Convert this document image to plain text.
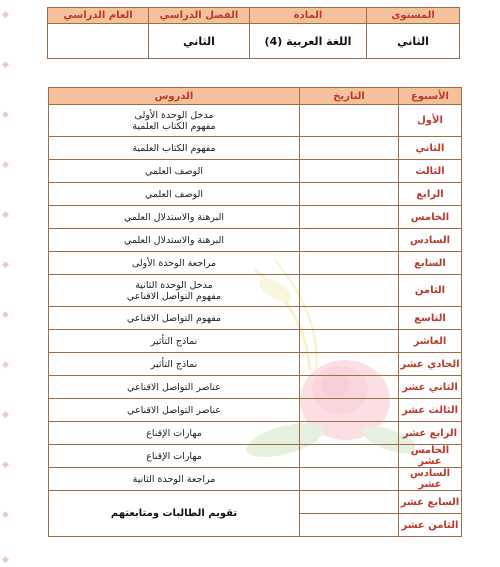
◆
◆
◆
◆
◆
◆
◆
◆
◆
◆
◆
◆
المستوى	المادة	الفصل الدراسي	العام الدراسي
الثاني	اللغة العربية (4)	الثاني	
الأسبوع	التاريخ	الدروس
الأول		مدخل الوحدة الأولى
مفهوم الكتاب العلمية

الثاني		مفهوم الكتاب العلمية

الثالث		الوصف العلمي

الرابع		الوصف العلمي

الخامس		البرهنة والاستدلال العلمي

السادس		البرهنة والاستدلال العلمي

السابع		مراجعة الوحدة الأولى

الثامن		مدخل الوحدة الثانية
مفهوم التواصل الاقناعي

التاسع		مفهوم التواصل الاقناعي

العاشر		نماذج التأثير

الحادي عشر		نماذج التأثير

الثاني عشر		عناصر التواصل الاقناعي

الثالث عشر		عناصر التواصل الاقناعي

الرابع عشر		مهارات الإقناع

الخامس عشر		مهارات الإقناع

السادس عشر		مراجعة الوحدة الثانية

السابع عشر		تقويم الطالبات ومتابعتهم
الثامن عشر		
